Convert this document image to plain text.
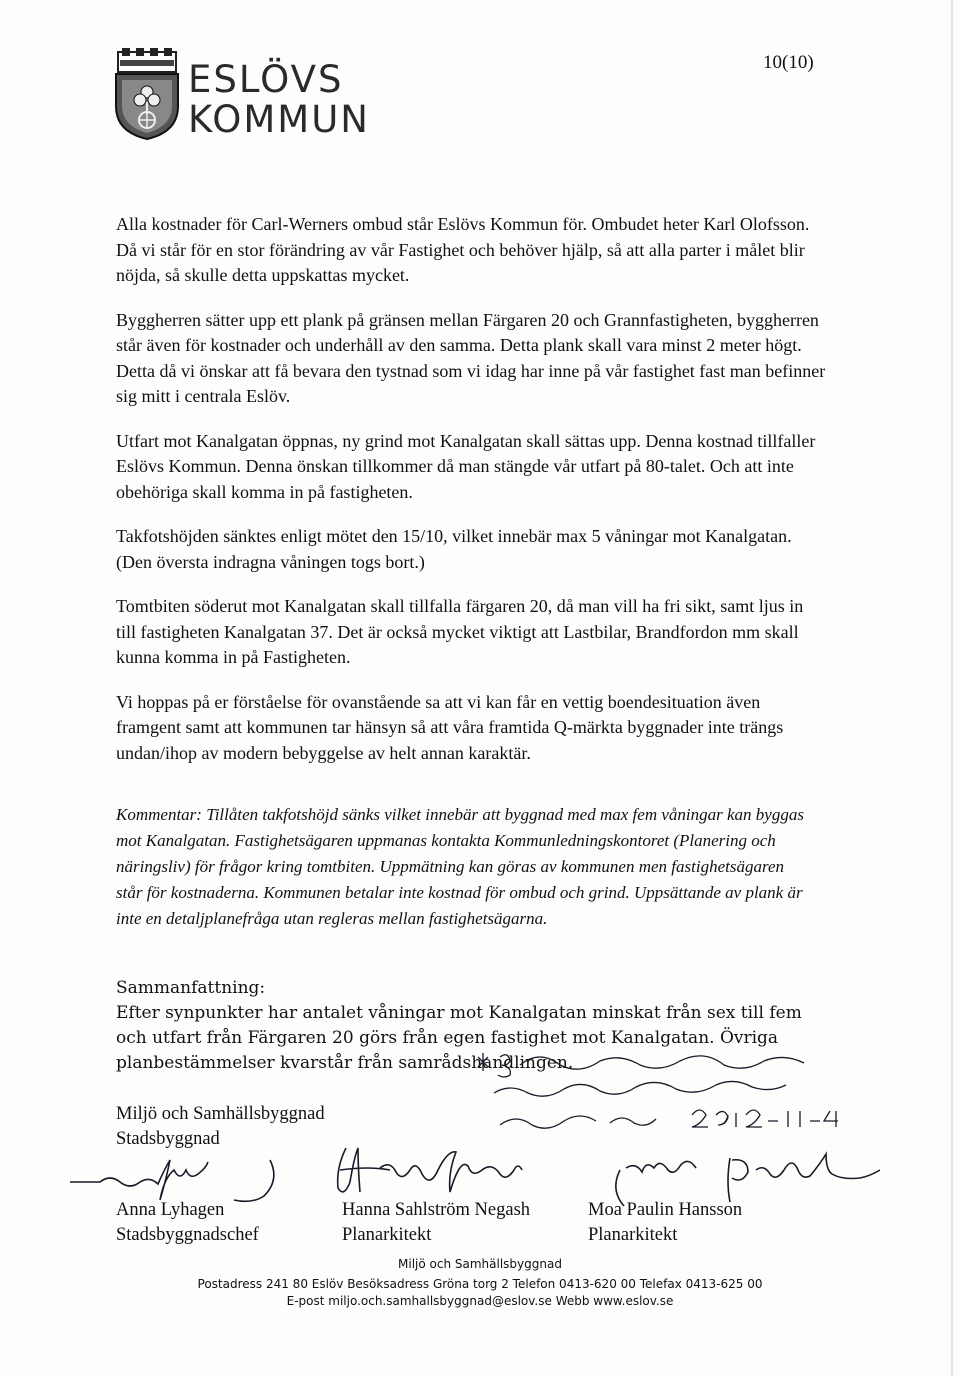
ESLÖVS
KOMMUN
10(10)

Alla kostnader för Carl-Werners ombud står Eslövs Kommun för. Ombudet heter Karl Olofsson. Då vi står för en stor förändring av vår Fastighet och behöver hjälp, så att alla parter i målet blir nöjda, så skulle detta uppskattas mycket.

Byggherren sätter upp ett plank på gränsen mellan Färgaren 20 och Grannfastigheten, byggherren står även för kostnader och underhåll av den samma. Detta plank skall vara minst 2 meter högt. Detta då vi önskar att få bevara den tystnad som vi idag har inne på vår fastighet fast man befinner sig mitt i centrala Eslöv.

Utfart mot Kanalgatan öppnas, ny grind mot Kanalgatan skall sättas upp. Denna kostnad tillfaller Eslövs Kommun. Denna önskan tillkommer då man stängde vår utfart på 80-talet. Och att inte obehöriga skall komma in på fastigheten.

Takfotshöjden sänktes enligt mötet den 15/10, vilket innebär max 5 våningar mot Kanalgatan. (Den översta indragna våningen togs bort.)

Tomtbiten söderut mot Kanalgatan skall tillfalla färgaren 20, då man vill ha fri sikt, samt ljus in till fastigheten Kanalgatan 37. Det är också mycket viktigt att Lastbilar, Brandfordon mm skall kunna komma in på Fastigheten.

Vi hoppas på er förståelse för ovanstående sa att vi kan får en vettig boendesituation även framgent samt att kommunen tar hänsyn så att våra framtida Q-märkta byggnader inte trängs undan/ihop av modern bebyggelse av helt annan karaktär.

Kommentar: Tillåten takfotshöjd sänks vilket innebär att byggnad med max fem våningar kan byggas mot Kanalgatan. Fastighetsägaren uppmanas kontakta Kommunledningskontoret (Planering och näringsliv) för frågor kring tomtbiten. Uppmätning kan göras av kommunen men fastighetsägaren står för kostnaderna. Kommunen betalar inte kostnad för ombud och grind. Uppsättande av plank är inte en detaljplanefråga utan regleras mellan fastighetsägarna.
Sammanfattning:
Efter synpunkter har antalet våningar mot Kanalgatan minskat från sex till fem och utfart från Färgaren 20 görs från egen fastighet mot Kanalgatan. Övriga planbestämmelser kvarstår från samrådshandlingen.
Miljö och Samhällsbyggnad
Stadsbyggnad
Anna Lyhagen
Stadsbyggnadschef
Hanna Sahlström Negash
Planarkitekt
Moa Paulin Hansson
Planarkitekt
Miljö och Samhällsbyggnad
Postadress 241 80 Eslöv Besöksadress Gröna torg 2 Telefon 0413-620 00 Telefax 0413-625 00
E-post miljo.och.samhallsbyggnad@eslov.se Webb www.eslov.se
